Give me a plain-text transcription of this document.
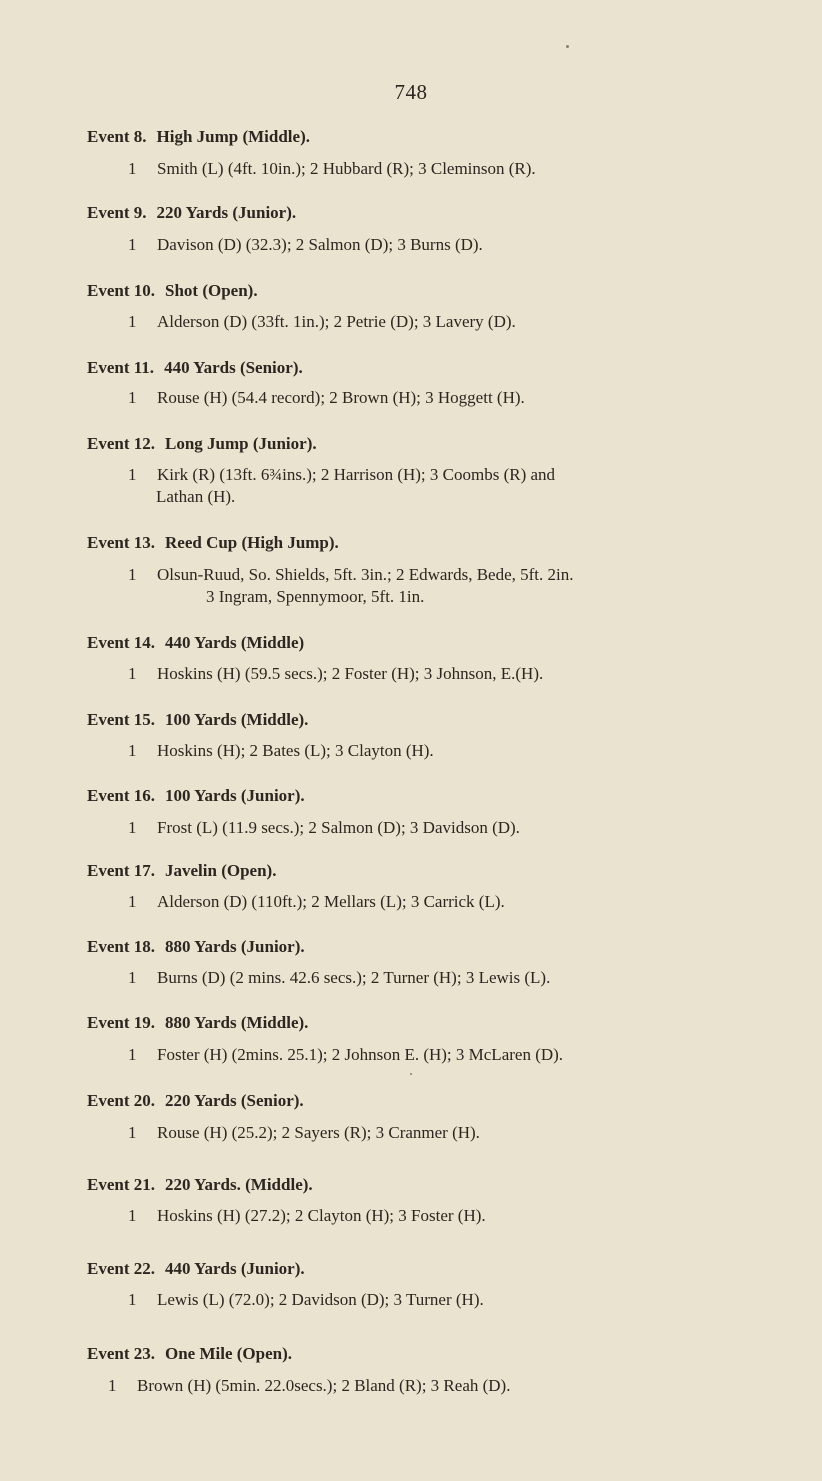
748
Event 8. High Jump (Middle).
1 Smith (L) (4ft. 10in.); 2 Hubbard (R); 3 Cleminson (R).
Event 9. 220 Yards (Junior).
1 Davison (D) (32.3); 2 Salmon (D); 3 Burns (D).
Event 10. Shot (Open).
1 Alderson (D) (33ft. 1in.); 2 Petrie (D); 3 Lavery (D).
Event 11. 440 Yards (Senior).
1 Rouse (H) (54.4 record); 2 Brown (H); 3 Hoggett (H).
Event 12. Long Jump (Junior).
1 Kirk (R) (13ft. 6¾ins.); 2 Harrison (H); 3 Coombs (R) and
Lathan (H).
Event 13. Reed Cup (High Jump).
1 Olsun-Ruud, So. Shields, 5ft. 3in.; 2 Edwards, Bede, 5ft. 2in.
3 Ingram, Spennymoor, 5ft. 1in.
Event 14. 440 Yards (Middle)
1 Hoskins (H) (59.5 secs.); 2 Foster (H); 3 Johnson, E.(H).
Event 15. 100 Yards (Middle).
1 Hoskins (H); 2 Bates (L); 3 Clayton (H).
Event 16. 100 Yards (Junior).
1 Frost (L) (11.9 secs.); 2 Salmon (D); 3 Davidson (D).
Event 17. Javelin (Open).
1 Alderson (D) (110ft.); 2 Mellars (L); 3 Carrick (L).
Event 18. 880 Yards (Junior).
1 Burns (D) (2 mins. 42.6 secs.); 2 Turner (H); 3 Lewis (L).
Event 19. 880 Yards (Middle).
1 Foster (H) (2mins. 25.1); 2 Johnson E. (H); 3 McLaren (D).
Event 20. 220 Yards (Senior).
1 Rouse (H) (25.2); 2 Sayers (R); 3 Cranmer (H).
Event 21. 220 Yards. (Middle).
1 Hoskins (H) (27.2); 2 Clayton (H); 3 Foster (H).
Event 22. 440 Yards (Junior).
1 Lewis (L) (72.0); 2 Davidson (D); 3 Turner (H).
Event 23. One Mile (Open).
1 Brown (H) (5min. 22.0secs.); 2 Bland (R); 3 Reah (D).
